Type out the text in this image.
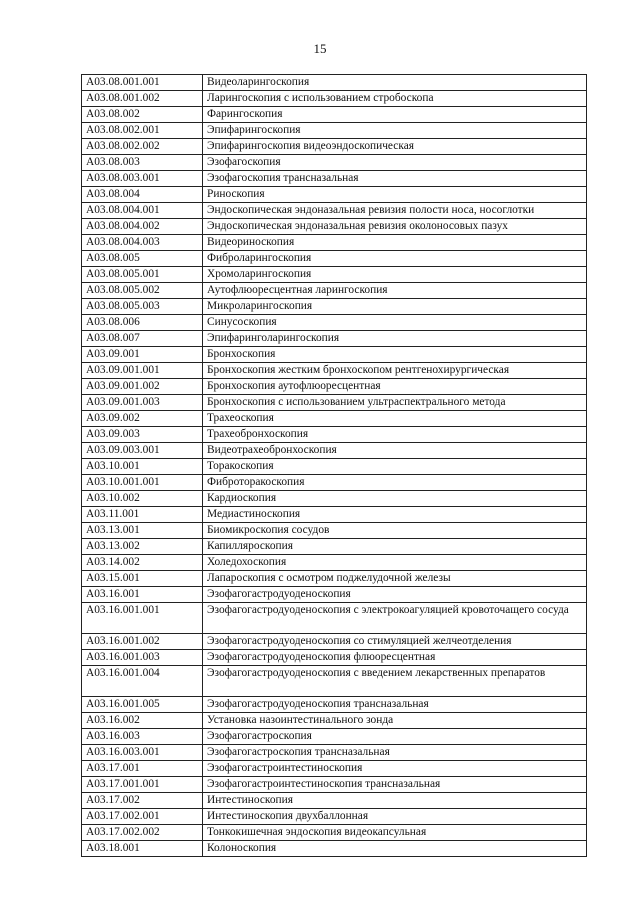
15
A03.08.001.001	Видеоларингоскопия
A03.08.001.002	Ларингоскопия с использованием стробоскопа
A03.08.002	Фарингоскопия
A03.08.002.001	Эпифарингоскопия
A03.08.002.002	Эпифарингоскопия видеоэндоскопическая
A03.08.003	Эзофагоскопия
A03.08.003.001	Эзофагоскопия трансназальная
A03.08.004	Риноскопия
A03.08.004.001	Эндоскопическая эндоназальная ревизия полости носа, носоглотки
A03.08.004.002	Эндоскопическая эндоназальная ревизия околоносовых пазух
A03.08.004.003	Видеориноскопия
A03.08.005	Фиброларингоскопия
A03.08.005.001	Хромоларингоскопия
A03.08.005.002	Аутофлюоресцентная ларингоскопия
A03.08.005.003	Микроларингоскопия
A03.08.006	Синусоскопия
A03.08.007	Эпифаринголарингоскопия
A03.09.001	Бронхоскопия
A03.09.001.001	Бронхоскопия жестким бронхоскопом рентгенохирургическая
A03.09.001.002	Бронхоскопия аутофлюоресцентная
A03.09.001.003	Бронхоскопия с использованием ультраспектрального метода
A03.09.002	Трахеоскопия
A03.09.003	Трахеобронхоскопия
A03.09.003.001	Видеотрахеобронхоскопия
A03.10.001	Торакоскопия
A03.10.001.001	Фиброторакоскопия
A03.10.002	Кардиоскопия
A03.11.001	Медиастиноскопия
A03.13.001	Биомикроскопия сосудов
A03.13.002	Капилляроскопия
A03.14.002	Холедохоскопия
A03.15.001	Лапароскопия с осмотром поджелудочной железы
A03.16.001	Эзофагогастродуоденоскопия
A03.16.001.001	Эзофагогастродуоденоскопия с электрокоагуляцией кровоточащего сосуда
A03.16.001.002	Эзофагогастродуоденоскопия со стимуляцией желчеотделения
A03.16.001.003	Эзофагогастродуоденоскопия флюоресцентная
A03.16.001.004	Эзофагогастродуоденоскопия с введением лекарственных препаратов
A03.16.001.005	Эзофагогастродуоденоскопия трансназальная
A03.16.002	Установка назоинтестинального зонда
A03.16.003	Эзофагогастроскопия
A03.16.003.001	Эзофагогастроскопия трансназальная
A03.17.001	Эзофагогастроинтестиноскопия
A03.17.001.001	Эзофагогастроинтестиноскопия трансназальная
A03.17.002	Интестиноскопия
A03.17.002.001	Интестиноскопия двухбаллонная
A03.17.002.002	Тонкокишечная эндоскопия видеокапсульная
A03.18.001	Колоноскопия
